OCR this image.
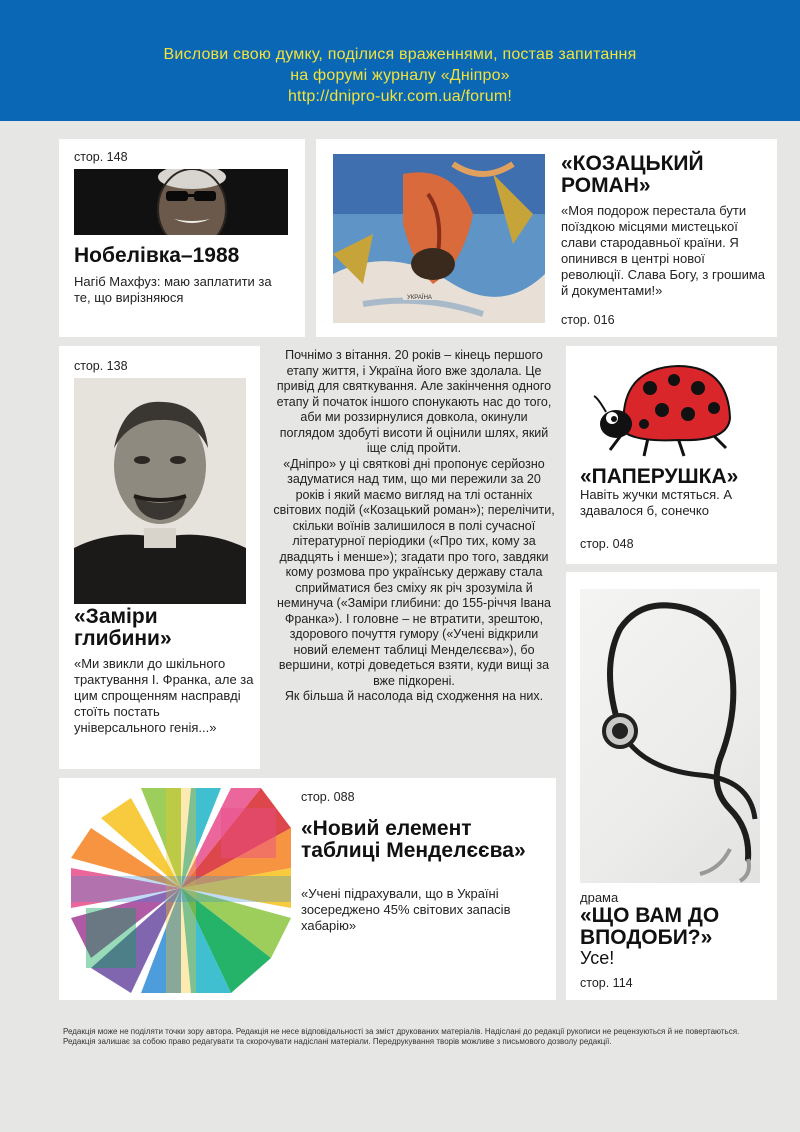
Вислови свою думку, поділися враженнями, постав запитання
на форумі журналу «Дніпро»
http://dnipro-ukr.com.ua/forum!
стор. 148
Нобелівка–1988
Нагіб Махфуз: маю заплатити за те, що вирізняюся	УКРАЇНА
«КОЗАЦЬКИЙ РОМАН»
«Моя подорож перестала бути поїздкою місцями мистецької слави стародавньої країни. Я опинився в центрі нової революції. Слава Богу, з грошима й документами!»
стор. 016
стор. 138
«Заміри глибини»
«Ми звикли до шкільного трактування І. Франка, але за цим спрощенням насправді стоїть постать універсального генія...»
Почнімо з вітання. 20 років – кінець першого етапу життя, і Україна його вже здолала. Це привід для святкування. Але закінчення одного етапу й початок іншого спонукають нас до того, аби ми роззирнулися довкола, окинули поглядом здобуті висоти й оцінили шлях, який іще слід пройти.
«Дніпро» у ці святкові дні пропонує серйозно задуматися над тим, що ми пережили за 20 років і який маємо вигляд на тлі останніх світових подій («Козацький роман»); перелічити, скільки воїнів залишилося в полі сучасної літературної періодики («Про тих, кому за двадцять і менше»); згадати про того, завдяки кому розмова про українську державу стала сприйматися без сміху як річ зрозуміла й неминуча («Заміри глибини: до 155-річчя Івана Франка»). І головне – не втратити, зрештою, здорового почуття гумору («Учені відкрили новий елемент таблиці Менделєєва»), бо вершини, котрі доведеться взяти, куди вищі за вже підкорені.
Як більша й насолода від сходження на них.
«ПАПЕРУШКА»
Навіть жучки мстяться. А здавалося б, сонечко
стор. 048
стор. 088
«Новий елемент таблиці Менделєєва»
«Учені підрахували, що в Україні зосереджено 45% світових запасів хабарію»
драма
«ЩО ВАМ ДО ВПОДОБИ?»
Усе!
стор. 114
Редакція може не поділяти точки зору автора. Редакція не несе відповідальності за зміст друкованих матеріалів. Надіслані до редакції рукописи не рецензуються й не повертаються. Редакція залишає за собою право редагувати та скорочувати надіслані матеріали. Передрукування творів можливе з письмового дозволу редакції.
